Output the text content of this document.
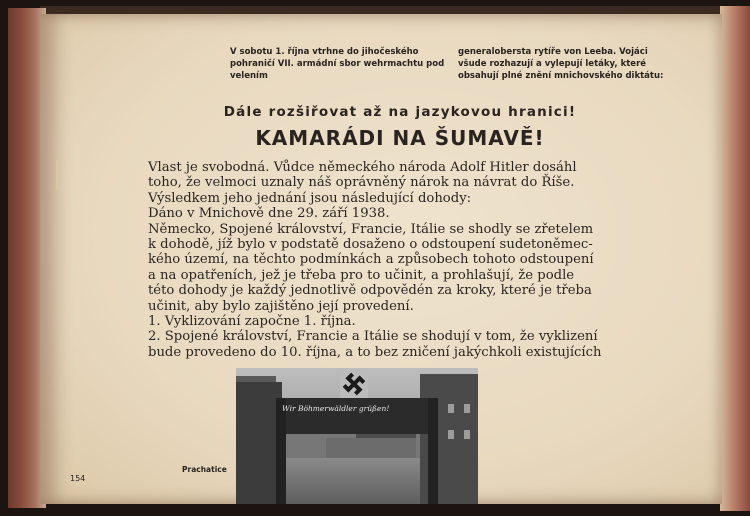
V sobotu 1. října vtrhne do jihočeského pohraničí VII. armádní sbor wehrmachtu pod velením
generaloberstа rytíře von Leeba. Vojáci všude rozhazují a vylepují letáky, které obsahují plné znění mnichovského diktátu:
Dále rozšiřovat až na jazykovou hranici!
KAMARÁDI NA ŠUMAVĚ!

Vlast je svobodná. Vůdce německého národa Adolf Hitler dosáhl

toho, že velmoci uznaly náš oprávněný nárok na návrat do Říše.

Výsledkem jeho jednání jsou následující dohody:

Dáno v Mnichově dne 29. září 1938.

Německo, Spojené království, Francie, Itálie se shodly se zřetelem

k dohodě, jíž bylo v podstatě dosaženo o odstoupení sudetoněmec-

kého území, na těchto podmínkách a způsobech tohoto odstoupení

a na opatřeních, jež je třeba pro to učinit, a prohlašují, že podle

této dohody je každý jednotlivě odpovědén za kroky, které je třeba

učinit, aby bylo zajištěno její provedení.

1. Vyklizování započne 1. října.

2. Spojené království, Francie a Itálie se shodují v tom, že vyklizení

bude provedeno do 10. října, a to bez zničení jakýchkoli existujících

Wir Böhmerwäldler grüßen!
Prachatice
154
